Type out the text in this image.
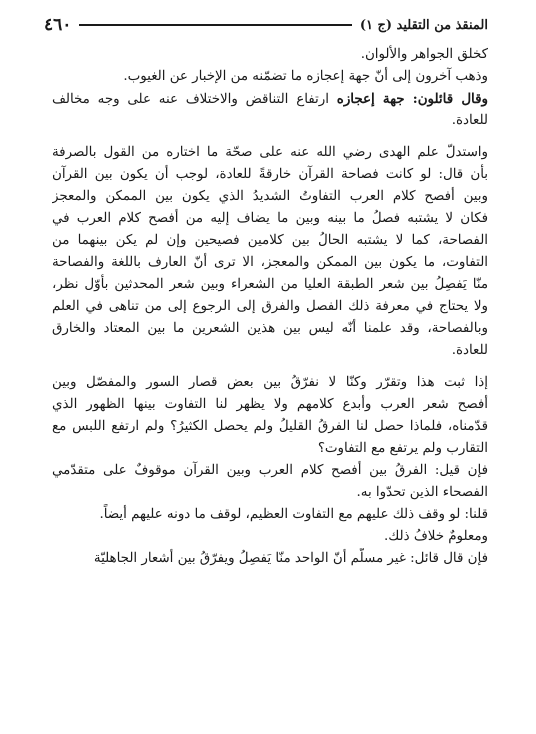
٤٦٠	المنقذ من التقليد (ج ١)
كخلق الجواهر والألوان.
وذهب آخرون إلى أنّ جهة إعجازه ما تضمّنه من الإخبار عن الغيوب.
وقال قائلون: جهة إعجازه ارتفاع التناقض والاختلاف عنه على وجه مخالف
للعادة.
واستدلّ علم الهدى رضي الله عنه على صحّة ما اختاره من القول بالصرفة
بأن قال: لو كانت فصاحة القرآن خارقةً للعادة، لوجب أن يكون بين القرآن
وبين أفصح كلام العرب التفاوتُ الشديدُ الذي يكون بين الممكن والمعجز
فكان لا يشتبه فصلُ ما بينه وبين ما يضاف إليه من أفصح كلام العرب في
الفصاحة، كما لا يشتبه الحالُ بين كلامين فصيحين وإن لم يكن بينهما من
التفاوت، ما يكون بين الممكن والمعجز، الا ترى أنّ العارف باللغة والفصاحة
منّا يَفصِلُ بين شعر الطبقة العليا من الشعراء وبين شعر المحدثين بأوّل نظر،
ولا يحتاج في معرفة ذلك الفصل والفرق إلى الرجوع إلى من تناهى في العلم
وبالفصاحة، وقد علمنا أنّه ليس بين هذين الشعرين ما بين المعتاد والخارق
للعادة.
إذا ثبت هذا وتقرّر وكنّا لا نفرّقُ بين بعض قصار السور والمفصّل وبين
أفصح شعر العرب وأبدع كلامهم ولا يظهر لنا التفاوت بينها الظهور الذي
قدّمناه، فلماذا حصل لنا الفرقُ القليلُ ولم يحصل الكثيرُ؟ ولم ارتفع اللبس مع
التقارب ولم يرتفع مع التفاوت؟
فإن قيل: الفرقُ بين أفصح كلام العرب وبين القرآن موقوفٌ على متقدّمي
الفصحاء الذين تحدّوا به.
قلنا: لو وقف ذلك عليهم مع التفاوت العظيم، لوقف ما دونه عليهم أيضاً.
ومعلومٌ خلافُ ذلك.
فإن قال قائل: غير مسلّم أنّ الواحد منّا يَفصِلُ ويفرّقُ بين أشعار الجاهليّة
